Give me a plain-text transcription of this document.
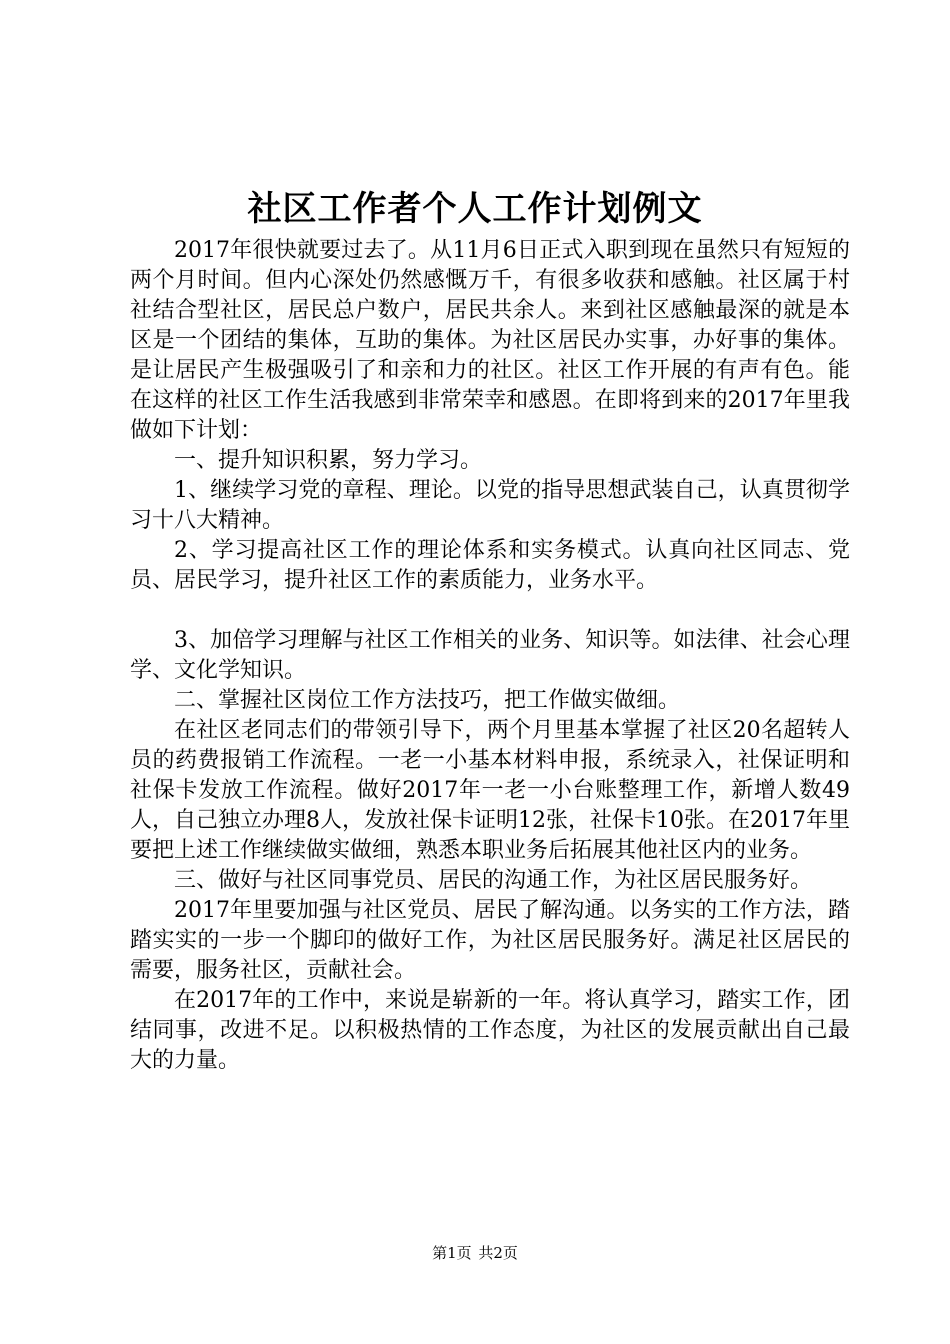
社区工作者个人工作计划例文

2017年很快就要过去了。从11月6日正式入职到现在虽然只有短短的两个月时间。但内心深处仍然感慨万千，有很多收获和感触。社区属于村社结合型社区，居民总户数户，居民共余人。来到社区感触最深的就是本区是一个团结的集体，互助的集体。为社区居民办实事，办好事的集体。是让居民产生极强吸引了和亲和力的社区。社区工作开展的有声有色。能在这样的社区工作生活我感到非常荣幸和感恩。在即将到来的2017年里我做如下计划：

一、提升知识积累，努力学习。

1、继续学习党的章程、理论。以党的指导思想武装自己，认真贯彻学习十八大精神。

2、学习提高社区工作的理论体系和实务模式。认真向社区同志、党员、居民学习，提升社区工作的素质能力，业务水平。

3、加倍学习理解与社区工作相关的业务、知识等。如法律、社会心理学、文化学知识。

二、掌握社区岗位工作方法技巧，把工作做实做细。

在社区老同志们的带领引导下，两个月里基本掌握了社区20名超转人员的药费报销工作流程。一老一小基本材料申报，系统录入，社保证明和社保卡发放工作流程。做好2017年一老一小台账整理工作，新增人数49人，自己独立办理8人，发放社保卡证明12张，社保卡10张。在2017年里要把上述工作继续做实做细，熟悉本职业务后拓展其他社区内的业务。

三、做好与社区同事党员、居民的沟通工作，为社区居民服务好。

2017年里要加强与社区党员、居民了解沟通。以务实的工作方法，踏踏实实的一步一个脚印的做好工作，为社区居民服务好。满足社区居民的需要，服务社区，贡献社会。

在2017年的工作中，来说是崭新的一年。将认真学习，踏实工作，团结同事，改进不足。以积极热情的工作态度，为社区的发展贡献出自己最大的力量。

第1页 共2页
